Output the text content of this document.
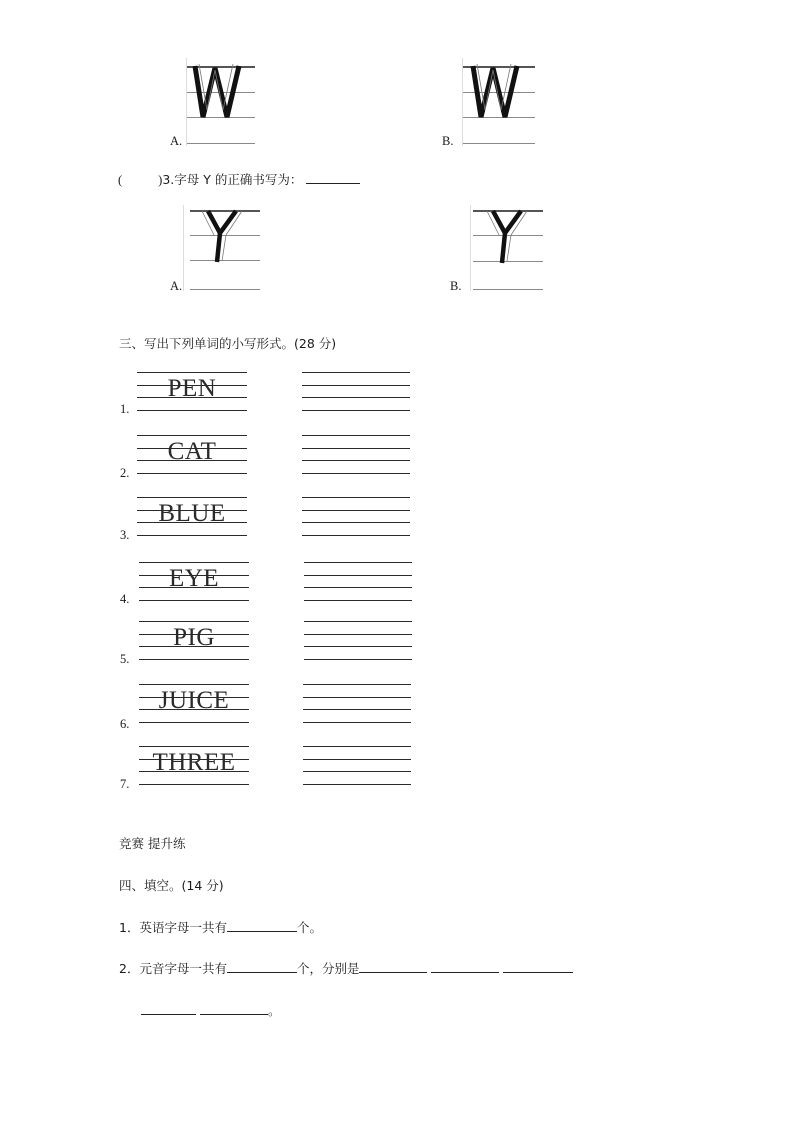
A.	B.
(	)3.字母 Y 的正确书写为：
A.	B.
三、写出下列单词的小写形式。(28 分)
1.
PEN
2.
CAT
3.
BLUE
4.
EYE
5.
PIG
6.
JUICE
7.
THREE
竞赛 提升练
四、填空。(14 分)
1．英语字母一共有	个。
2．元音字母一共有	个，分别是
。
